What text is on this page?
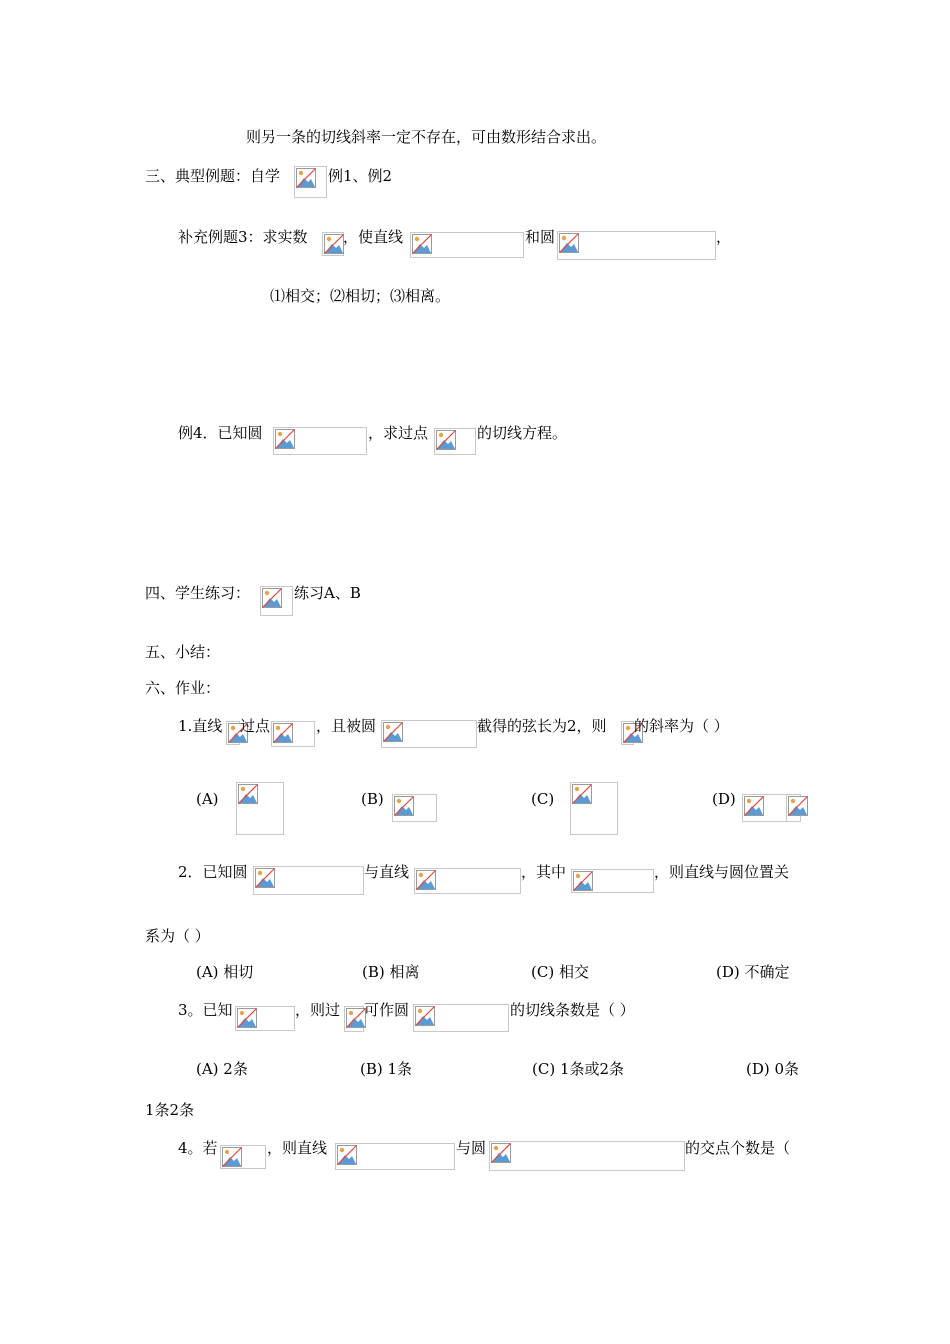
则另一条的切线斜率一定不存在，可由数形结合求出。
三、典型例题：自学	例1、例2
补充例题3：求实数 ，使直线	和圆	，
⑴相交；⑵相切；⑶相离。
例4．已知圆	，求过点	的切线方程。
四、学生练习：	练习A、B
五、小结：
六、作业：
1.直线 过点	，且被圆	截得的弦长为2，则 的斜率为（ ）
(A)	(B)	(C)	(D)
2．已知圆	与直线	，其中	，则直线与圆位置关
系为（ ）
(A) 相切	(B) 相离	(C) 相交	(D) 不确定
3。已知	，则过 可作圆	的切线条数是（ ）
(A) 2条	(B) 1条	(C) 1条或2条	(D) 0条
1条2条
4。若	，则直线	与圆	的交点个数是（
